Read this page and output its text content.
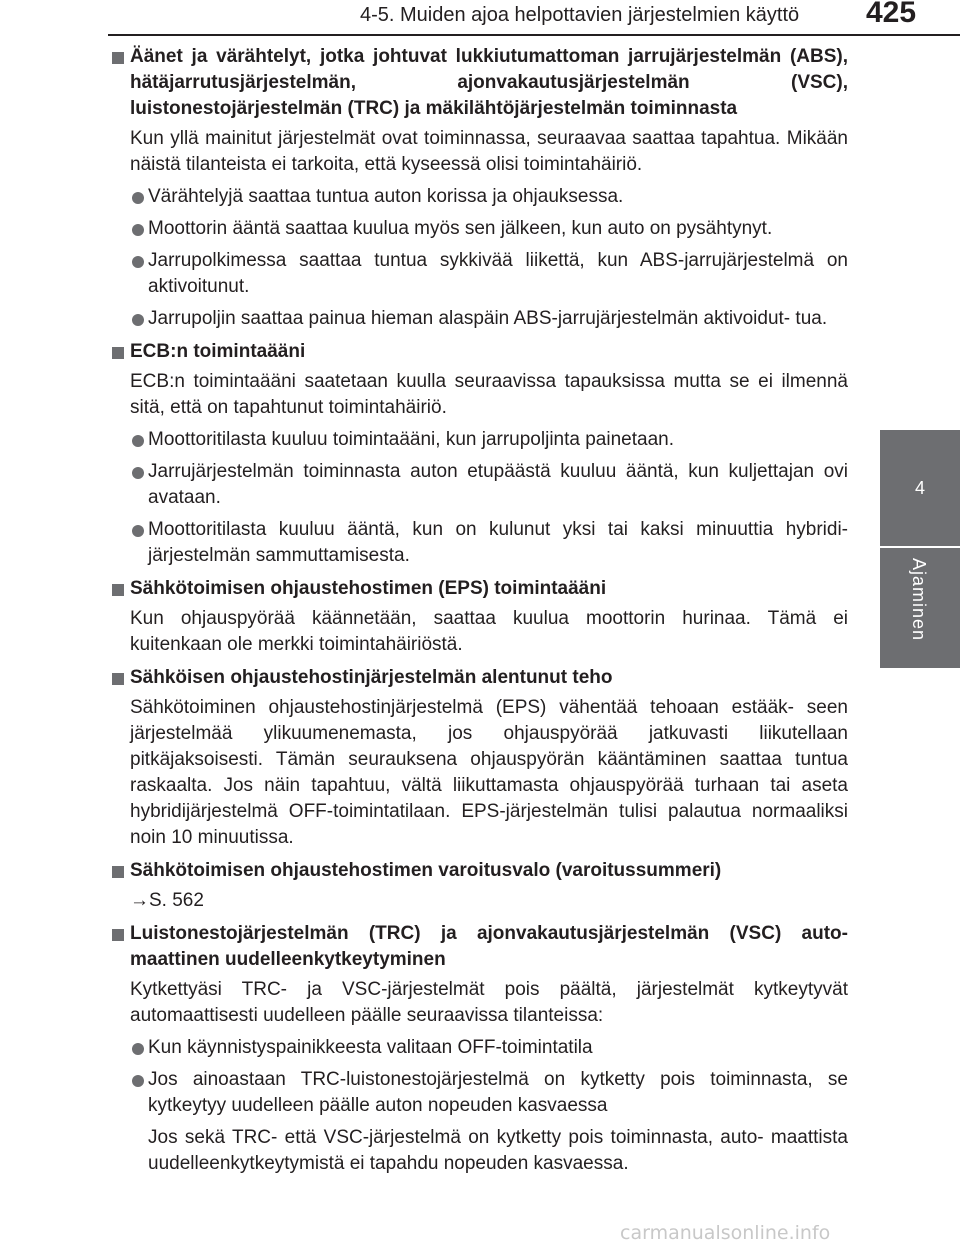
4-5. Muiden ajoa helpottavien järjestelmien käyttö 425
4
Ajaminen
Äänet ja värähtelyt, jotka johtuvat lukkiutumattoman jarrujärjestelmän (ABS), hätäjarrutusjärjestelmän, ajonvakautusjärjestelmän (VSC), luistonestojärjestelmän (TRC) ja mäkilähtöjärjestelmän toiminnasta
Kun yllä mainitut järjestelmät ovat toiminnassa, seuraavaa saattaa tapahtua. Mikään näistä tilanteista ei tarkoita, että kyseessä olisi toimintahäiriö.
Värähtelyjä saattaa tuntua auton korissa ja ohjauksessa.
Moottorin ääntä saattaa kuulua myös sen jälkeen, kun auto on pysähtynyt.
Jarrupolkimessa saattaa tuntua sykkivää liikettä, kun ABS-jarrujärjestelmä on aktivoitunut.
Jarrupoljin saattaa painua hieman alaspäin ABS-jarrujärjestelmän aktivoidut- tua.
ECB:n toimintaääni
ECB:n toimintaääni saatetaan kuulla seuraavissa tapauksissa mutta se ei ilmennä sitä, että on tapahtunut toimintahäiriö.
Moottoritilasta kuuluu toimintaääni, kun jarrupoljinta painetaan.
Jarrujärjestelmän toiminnasta auton etupäästä kuuluu ääntä, kun kuljettajan ovi avataan.
Moottoritilasta kuuluu ääntä, kun on kulunut yksi tai kaksi minuuttia hybridi- järjestelmän sammuttamisesta.
Sähkötoimisen ohjaustehostimen (EPS) toimintaääni
Kun ohjauspyörää käännetään, saattaa kuulua moottorin hurinaa. Tämä ei kuitenkaan ole merkki toimintahäiriöstä.
Sähköisen ohjaustehostinjärjestelmän alentunut teho
Sähkötoiminen ohjaustehostinjärjestelmä (EPS) vähentää tehoaan estääk- seen järjestelmää ylikuumenemasta, jos ohjauspyörää jatkuvasti liikutellaan pitkäjaksoisesti. Tämän seurauksena ohjauspyörän kääntäminen saattaa tuntua raskaalta. Jos näin tapahtuu, vältä liikuttamasta ohjauspyörää turhaan tai aseta hybridijärjestelmä OFF-toimintatilaan. EPS-järjestelmän tulisi palautua normaaliksi noin 10 minuutissa.
Sähkötoimisen ohjaustehostimen varoitusvalo (varoitussummeri)
→S. 562
Luistonestojärjestelmän (TRC) ja ajonvakautusjärjestelmän (VSC) auto- maattinen uudelleenkytkeytyminen
Kytkettyäsi TRC- ja VSC-järjestelmät pois päältä, järjestelmät kytkeytyvät automaattisesti uudelleen päälle seuraavissa tilanteissa:
Kun käynnistyspainikkeesta valitaan OFF-toimintatila
Jos ainoastaan TRC-luistonestojärjestelmä on kytketty pois toiminnasta, se kytkeytyy uudelleen päälle auton nopeuden kasvaessa
Jos sekä TRC- että VSC-järjestelmä on kytketty pois toiminnasta, auto- maattista uudelleenkytkeytymistä ei tapahdu nopeuden kasvaessa.
carmanualsonline.info
